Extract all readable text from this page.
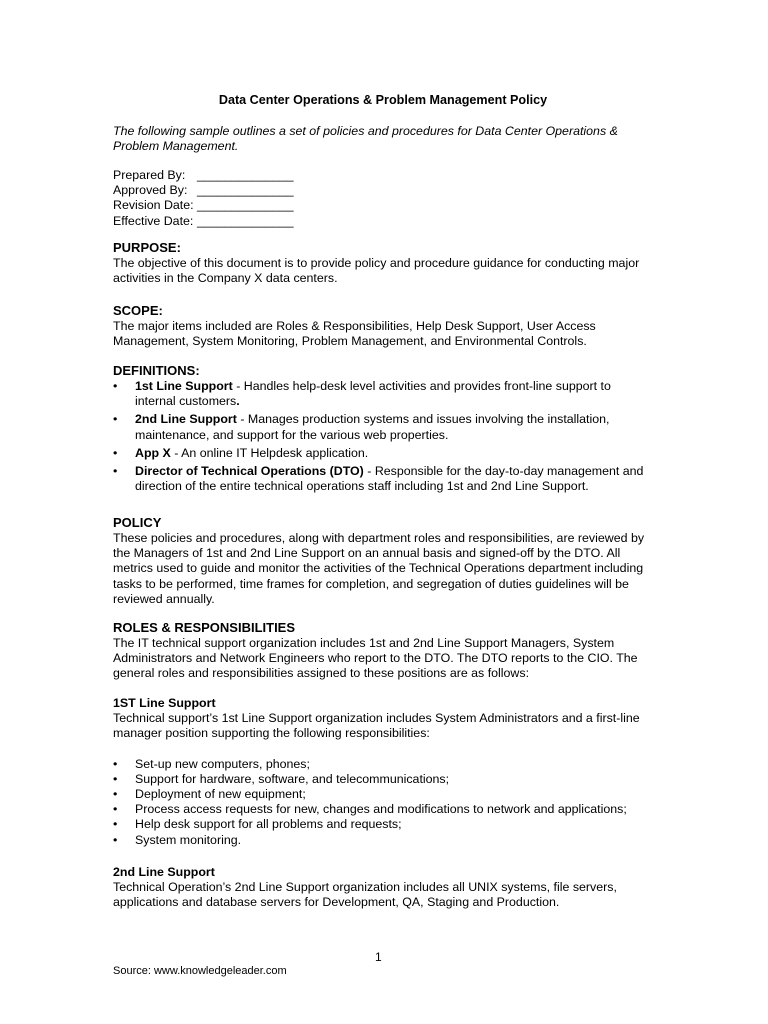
Data Center Operations & Problem Management Policy
The following sample outlines a set of policies and procedures for Data Center Operations & Problem Management.
Prepared By: ______________
Approved By: ______________
Revision Date: ______________
Effective Date: ______________

PURPOSE:

The objective of this document is to provide policy and procedure guidance for conducting major activities in the Company X data centers.

SCOPE:

The major items included are Roles & Responsibilities, Help Desk Support, User Access Management, System Monitoring, Problem Management, and Environmental Controls.

DEFINITIONS:

• 1st Line Support - Handles help-desk level activities and provides front-line support to internal customers.
• 2nd Line Support - Manages production systems and issues involving the installation, maintenance, and support for the various web properties.
• App X - An online IT Helpdesk application.
• Director of Technical Operations (DTO) - Responsible for the day-to-day management and direction of the entire technical operations staff including 1st and 2nd Line Support.

POLICY

These policies and procedures, along with department roles and responsibilities, are reviewed by the Managers of 1st and 2nd Line Support on an annual basis and signed-off by the DTO. All metrics used to guide and monitor the activities of the Technical Operations department including tasks to be performed, time frames for completion, and segregation of duties guidelines will be reviewed annually.

ROLES & RESPONSIBILITIES

The IT technical support organization includes 1st and 2nd Line Support Managers, System Administrators and Network Engineers who report to the DTO. The DTO reports to the CIO. The general roles and responsibilities assigned to these positions are as follows:

1ST Line Support

Technical support’s 1st Line Support organization includes System Administrators and a first-line manager position supporting the following responsibilities:

• Set-up new computers, phones;
• Support for hardware, software, and telecommunications;
• Deployment of new equipment;
• Process access requests for new, changes and modifications to network and applications;
• Help desk support for all problems and requests;
• System monitoring.

2nd Line Support

Technical Operation’s 2nd Line Support organization includes all UNIX systems, file servers, applications and database servers for Development, QA, Staging and Production.

1
Source: www.knowledgeleader.com
